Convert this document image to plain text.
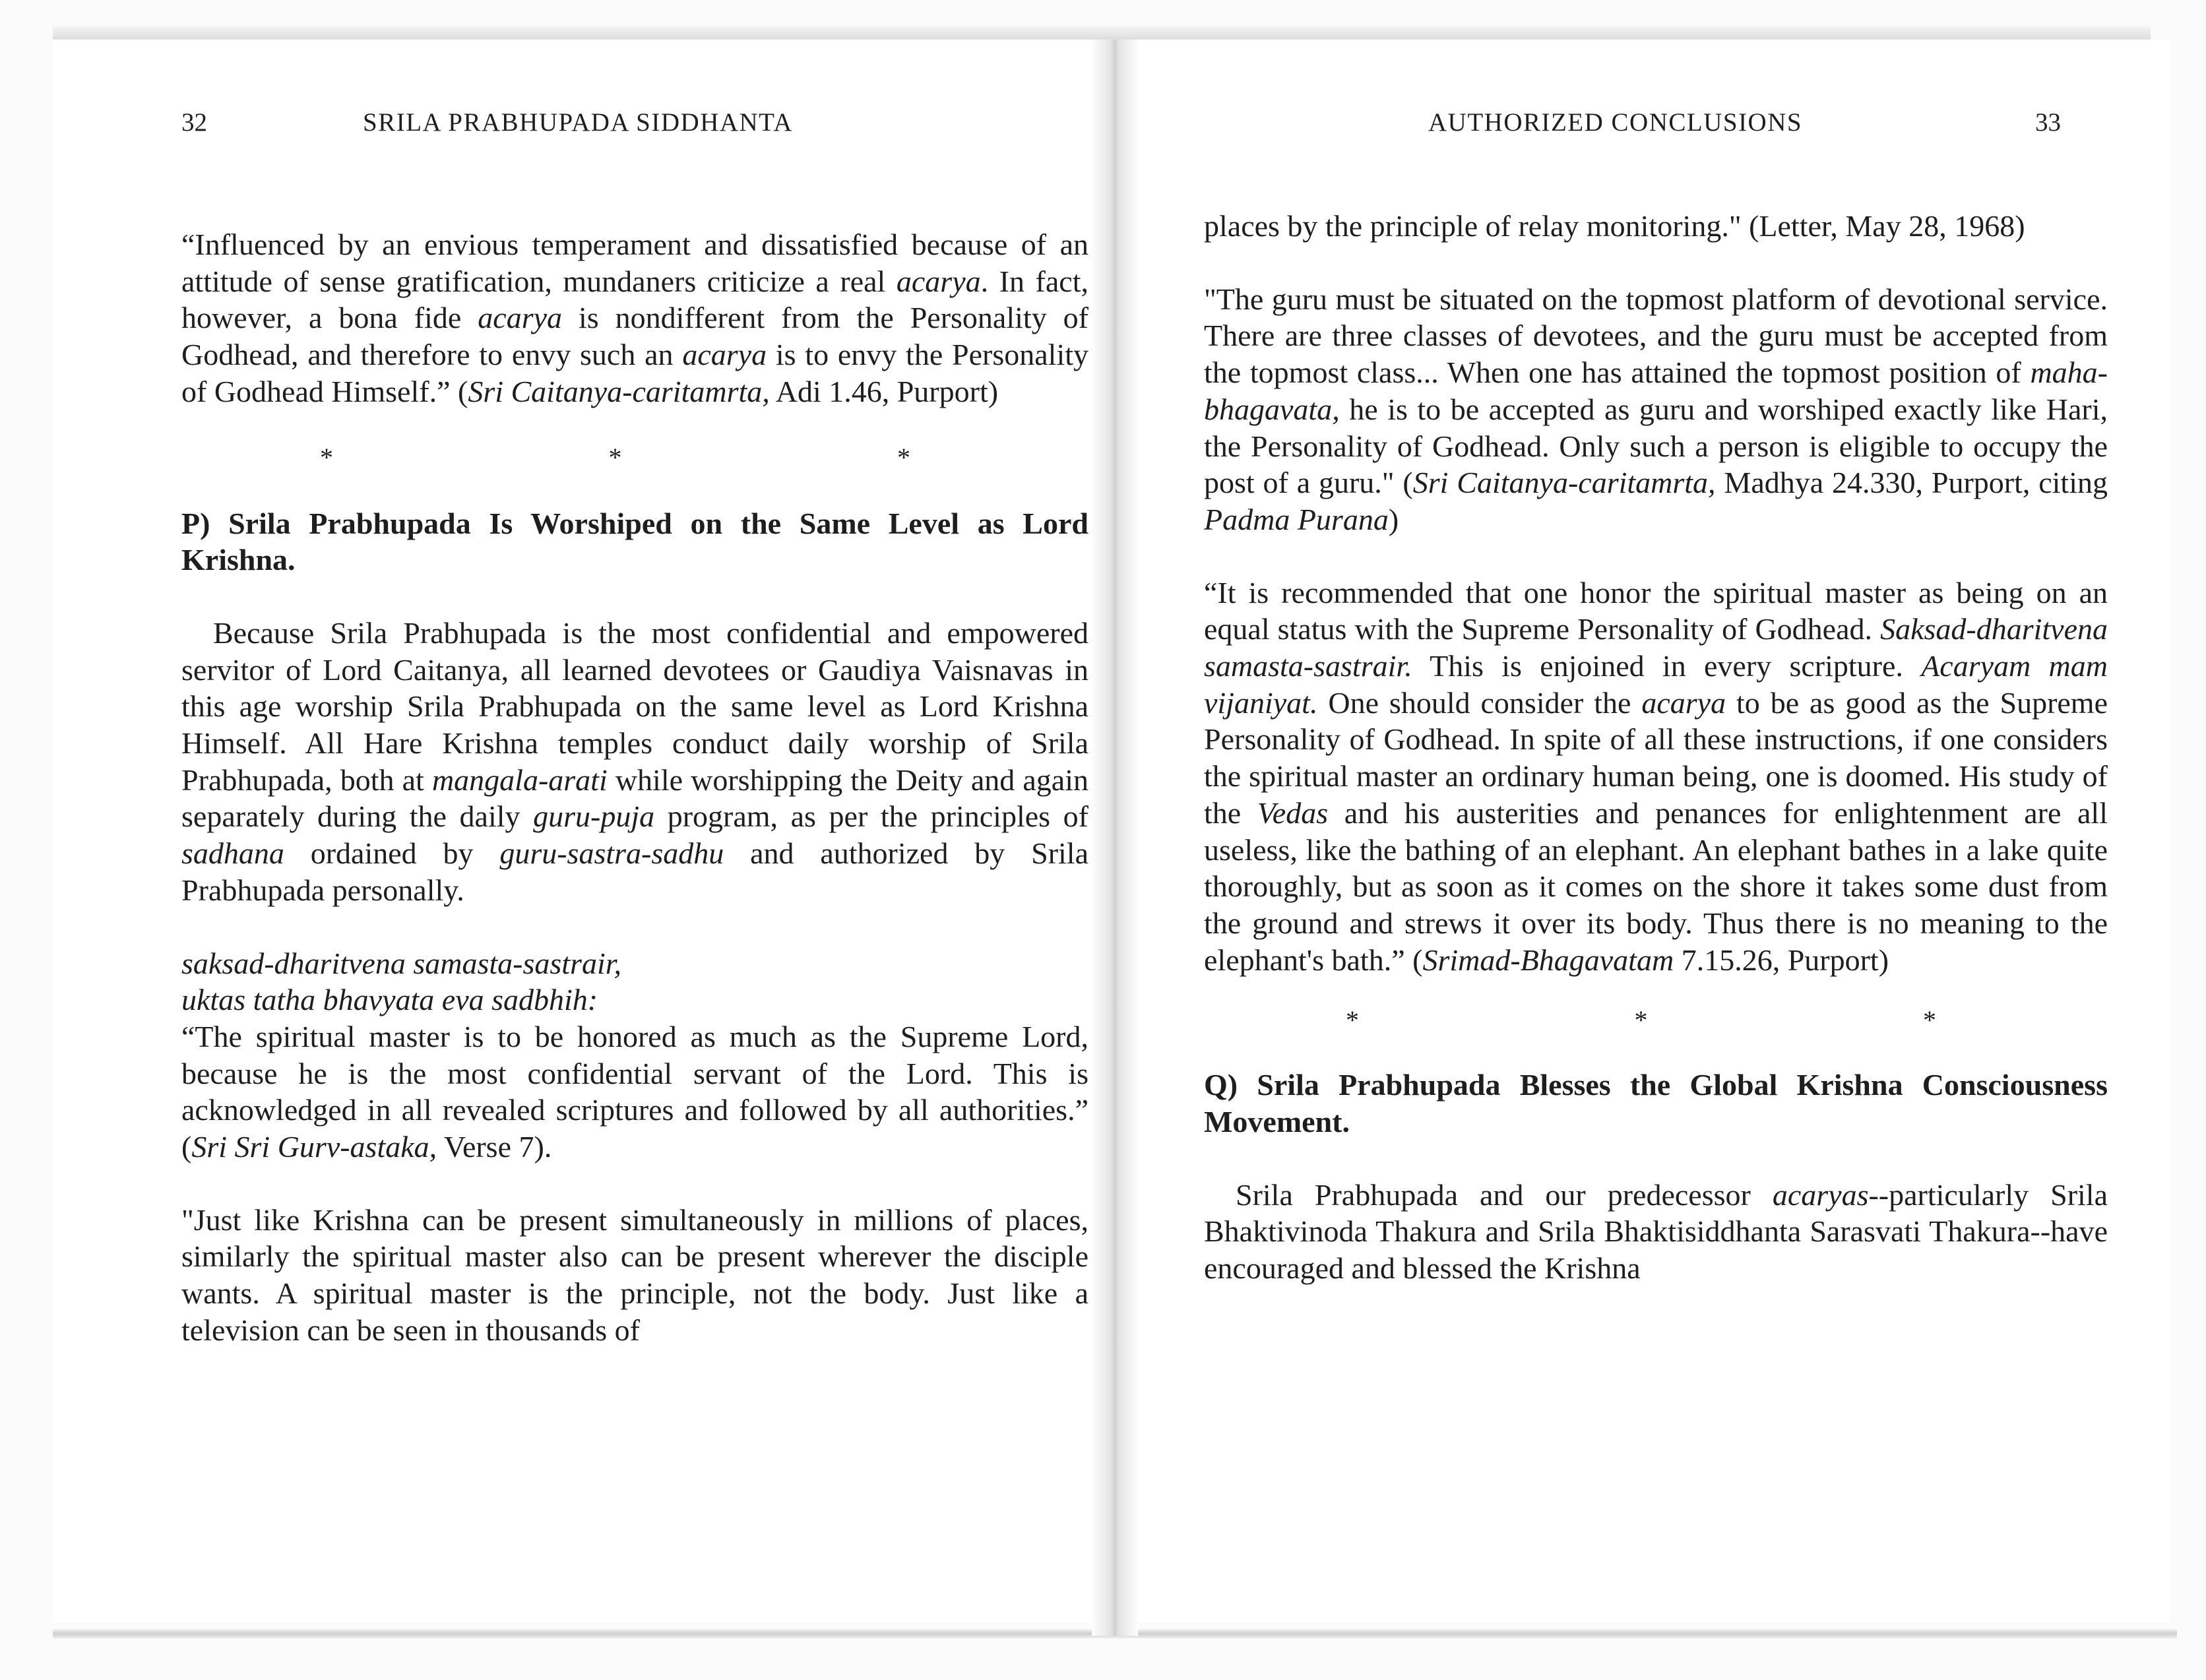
32	SRILA PRABHUPADA SIDDHANTA

“Influenced by an envious temperament and dissatisfied because of an attitude of sense gratification, mundaners criticize a real acarya. In fact, however, a bona fide acarya is nondifferent from the Personality of Godhead, and therefore to envy such an acarya is to envy the Personality of Godhead Himself.” (Sri Caitanya-caritamrta, Adi 1.46, Purport)

*	*	*
P) Srila Prabhupada Is Worshiped on the Same Level as Lord Krishna.

Because Srila Prabhupada is the most confidential and empowered servitor of Lord Caitanya, all learned devotees or Gaudiya Vaisnavas in this age worship Srila Prabhupada on the same level as Lord Krishna Himself. All Hare Krishna temples conduct daily worship of Srila Prabhupada, both at mangala-arati while worshipping the Deity and again separately during the daily guru-puja program, as per the principles of sadhana ordained by guru-sastra-sadhu and authorized by Srila Prabhupada personally.

saksad-dharitvena samasta-sastrair,

uktas tatha bhavyata eva sadbhih:

“The spiritual master is to be honored as much as the Supreme Lord, because he is the most confidential servant of the Lord. This is acknowledged in all revealed scriptures and followed by all authorities.” (Sri Sri Gurv-astaka, Verse 7).

"Just like Krishna can be present simultaneously in millions of places, similarly the spiritual master also can be present wherever the disciple wants. A spiritual master is the principle, not the body. Just like a television can be seen in thousands of

AUTHORIZED CONCLUSIONS	33

places by the principle of relay monitoring." (Letter, May 28, 1968)

"The guru must be situated on the topmost platform of devotional service. There are three classes of devotees, and the guru must be accepted from the topmost class... When one has attained the topmost position of maha-bhagavata, he is to be accepted as guru and worshiped exactly like Hari, the Personality of Godhead. Only such a person is eligible to occupy the post of a guru." (Sri Caitanya-caritamrta, Madhya 24.330, Purport, citing Padma Purana)

“It is recommended that one honor the spiritual master as being on an equal status with the Supreme Personality of Godhead. Saksad-dharitvena samasta-sastrair. This is enjoined in every scripture. Acaryam mam vijaniyat. One should consider the acarya to be as good as the Supreme Personality of Godhead. In spite of all these instructions, if one considers the spiritual master an ordinary human being, one is doomed. His study of the Vedas and his austerities and penances for enlightenment are all useless, like the bathing of an elephant. An elephant bathes in a lake quite thoroughly, but as soon as it comes on the shore it takes some dust from the ground and strews it over its body. Thus there is no meaning to the elephant's bath.” (Srimad-Bhagavatam 7.15.26, Purport)

*	*	*
Q) Srila Prabhupada Blesses the Global Krishna Consciousness Movement.

Srila Prabhupada and our predecessor acaryas--particularly Srila Bhaktivinoda Thakura and Srila Bhaktisiddhanta Sarasvati Thakura--have encouraged and blessed the Krishna
